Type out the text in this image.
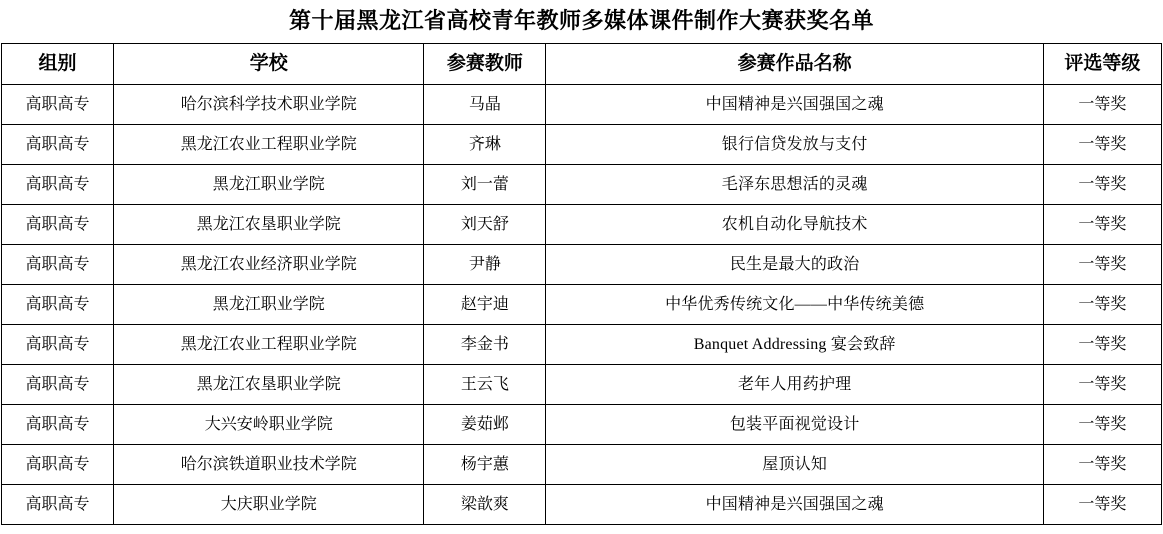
第十届黑龙江省高校青年教师多媒体课件制作大赛获奖名单
组别	学校	参赛教师	参赛作品名称	评选等级
高职高专	哈尔滨科学技术职业学院	马晶	中国精神是兴国强国之魂	一等奖
高职高专	黑龙江农业工程职业学院	齐琳	银行信贷发放与支付	一等奖
高职高专	黑龙江职业学院	刘一蕾	毛泽东思想活的灵魂	一等奖
高职高专	黑龙江农垦职业学院	刘天舒	农机自动化导航技术	一等奖
高职高专	黑龙江农业经济职业学院	尹静	民生是最大的政治	一等奖
高职高专	黑龙江职业学院	赵宇迪	中华优秀传统文化——中华传统美德	一等奖
高职高专	黑龙江农业工程职业学院	李金书	Banquet Addressing 宴会致辞	一等奖
高职高专	黑龙江农垦职业学院	王云飞	老年人用药护理	一等奖
高职高专	大兴安岭职业学院	姜茹邺	包装平面视觉设计	一等奖
高职高专	哈尔滨铁道职业技术学院	杨宇蕙	屋顶认知	一等奖
高职高专	大庆职业学院	梁歆爽	中国精神是兴国强国之魂	一等奖
